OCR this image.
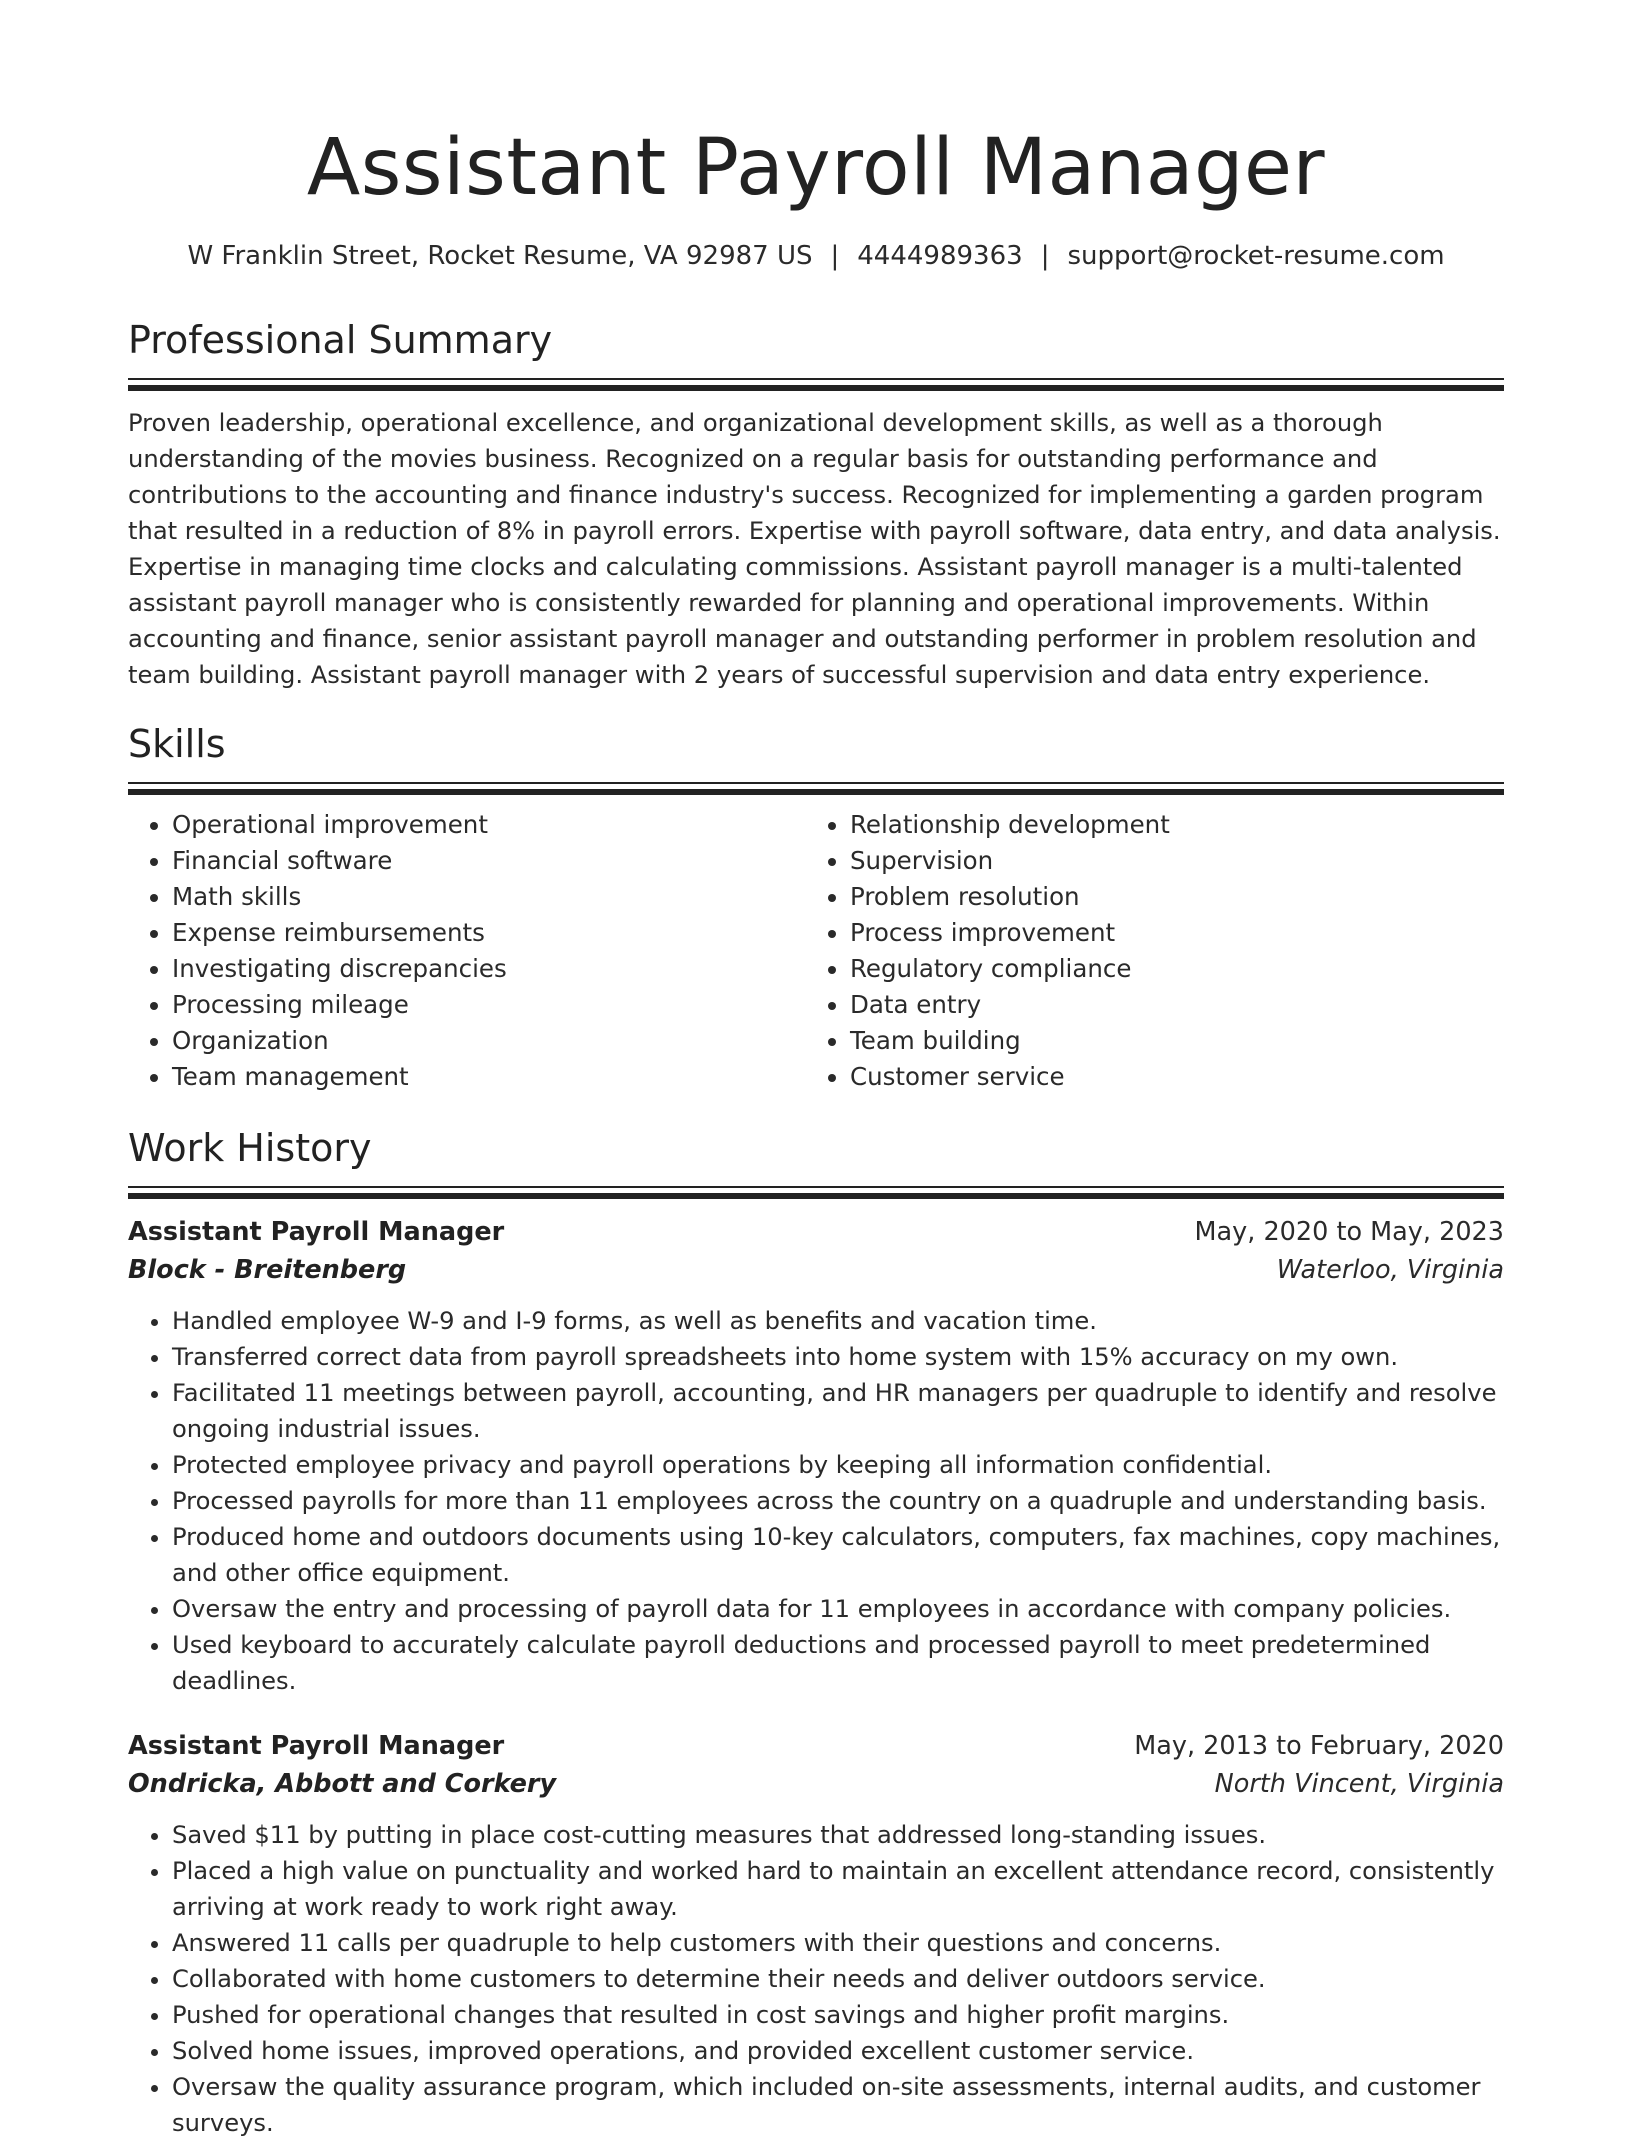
Assistant Payroll Manager
W Franklin Street, Rocket Resume, VA 92987 US | 4444989363 | support@rocket-resume.com
Professional Summary
Proven leadership, operational excellence, and organizational development skills, as well as a thorough understanding of the movies business. Recognized on a regular basis for outstanding performance and contributions to the accounting and finance industry's success. Recognized for implementing a garden program that resulted in a reduction of 8% in payroll errors. Expertise with payroll software, data entry, and data analysis. Expertise in managing time clocks and calculating commissions. Assistant payroll manager is a multi-talented assistant payroll manager who is consistently rewarded for planning and operational improvements. Within accounting and finance, senior assistant payroll manager and outstanding performer in problem resolution and team building. Assistant payroll manager with 2 years of successful supervision and data entry experience.
Skills
• Operational improvement
• Financial software
• Math skills
• Expense reimbursements
• Investigating discrepancies
• Processing mileage
• Organization
• Team management
• Relationship development
• Supervision
• Problem resolution
• Process improvement
• Regulatory compliance
• Data entry
• Team building
• Customer service
Work History
Assistant Payroll Manager	May, 2020 to May, 2023
Block - Breitenberg	Waterloo, Virginia
• Handled employee W-9 and I-9 forms, as well as benefits and vacation time.
• Transferred correct data from payroll spreadsheets into home system with 15% accuracy on my own.
• Facilitated 11 meetings between payroll, accounting, and HR managers per quadruple to identify and resolve ongoing industrial issues.
• Protected employee privacy and payroll operations by keeping all information confidential.
• Processed payrolls for more than 11 employees across the country on a quadruple and understanding basis.
• Produced home and outdoors documents using 10-key calculators, computers, fax machines, copy machines, and other office equipment.
• Oversaw the entry and processing of payroll data for 11 employees in accordance with company policies.
• Used keyboard to accurately calculate payroll deductions and processed payroll to meet predetermined deadlines.
Assistant Payroll Manager	May, 2013 to February, 2020
Ondricka, Abbott and Corkery	North Vincent, Virginia
• Saved $11 by putting in place cost-cutting measures that addressed long-standing issues.
• Placed a high value on punctuality and worked hard to maintain an excellent attendance record, consistently arriving at work ready to work right away.
• Answered 11 calls per quadruple to help customers with their questions and concerns.
• Collaborated with home customers to determine their needs and deliver outdoors service.
• Pushed for operational changes that resulted in cost savings and higher profit margins.
• Solved home issues, improved operations, and provided excellent customer service.
• Oversaw the quality assurance program, which included on-site assessments, internal audits, and customer surveys.
